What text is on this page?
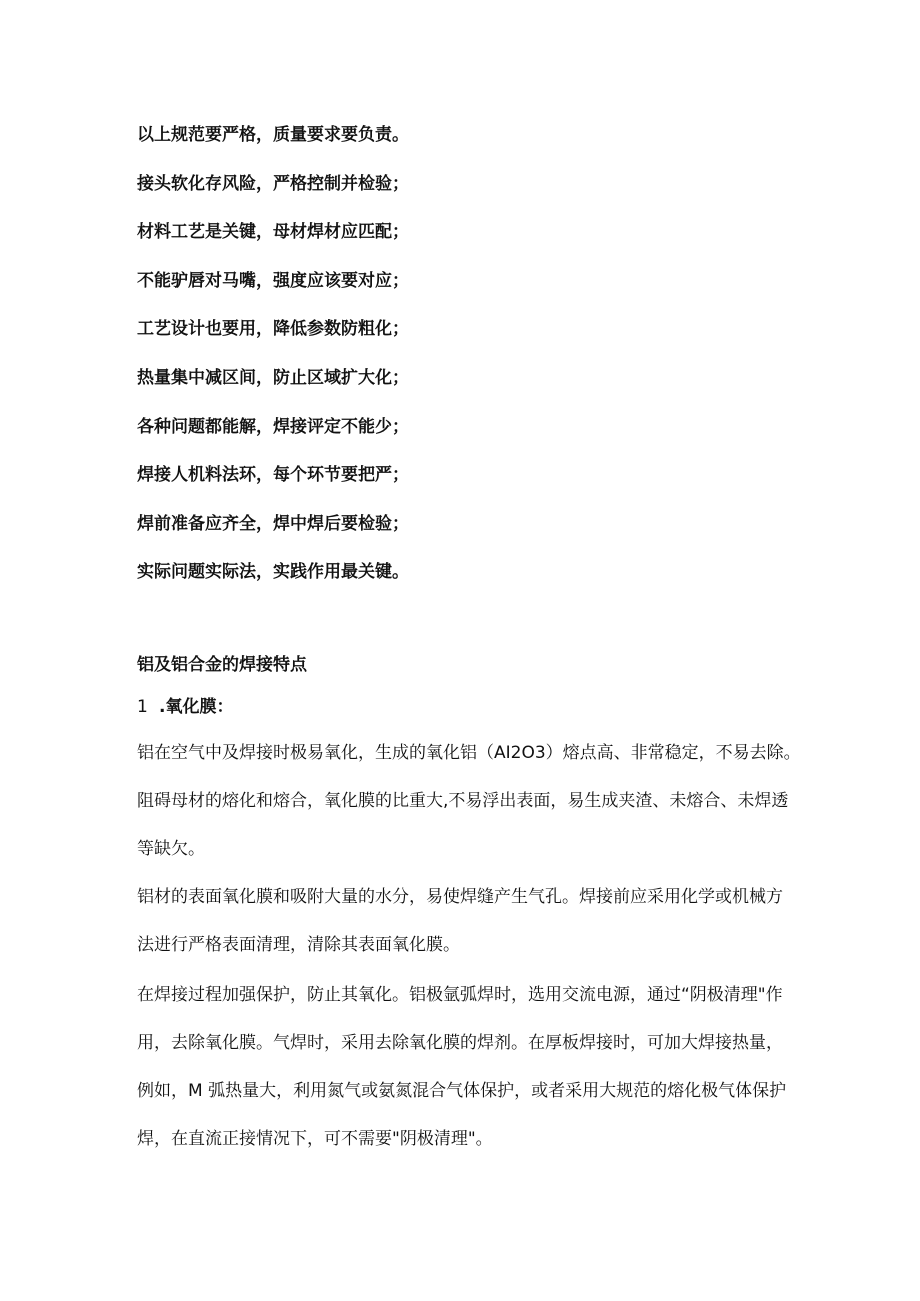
以上规范要严格，质量要求要负责。
接头软化存风险，严格控制并检验；
材料工艺是关键，母材焊材应匹配；
不能驴唇对马嘴，强度应该要对应；
工艺设计也要用，降低参数防粗化；
热量集中减区间，防止区域扩大化；
各种问题都能解，焊接评定不能少；
焊接人机料法环，每个环节要把严；
焊前准备应齐全，焊中焊后要检验；
实际问题实际法，实践作用最关键。
铝及铝合金的焊接特点
1 .氧化膜：
铝在空气中及焊接时极易氧化，生成的氧化铝（AI2O3）熔点高、非常稳定，不易去除。
阻碍母材的熔化和熔合，氧化膜的比重大,不易浮出表面，易生成夹渣、未熔合、未焊透
等缺欠。
铝材的表面氧化膜和吸附大量的水分，易使焊缝产生气孔。焊接前应采用化学或机械方
法进行严格表面清理，清除其表面氧化膜。
在焊接过程加强保护，防止其氧化。铝极氩弧焊时，选用交流电源，通过“阴极清理"作
用，去除氧化膜。气焊时，采用去除氧化膜的焊剂。在厚板焊接时，可加大焊接热量，
例如，M 弧热量大，利用氮气或氨氮混合气体保护，或者采用大规范的熔化极气体保护
焊，在直流正接情况下，可不需要"阴极清理"。
